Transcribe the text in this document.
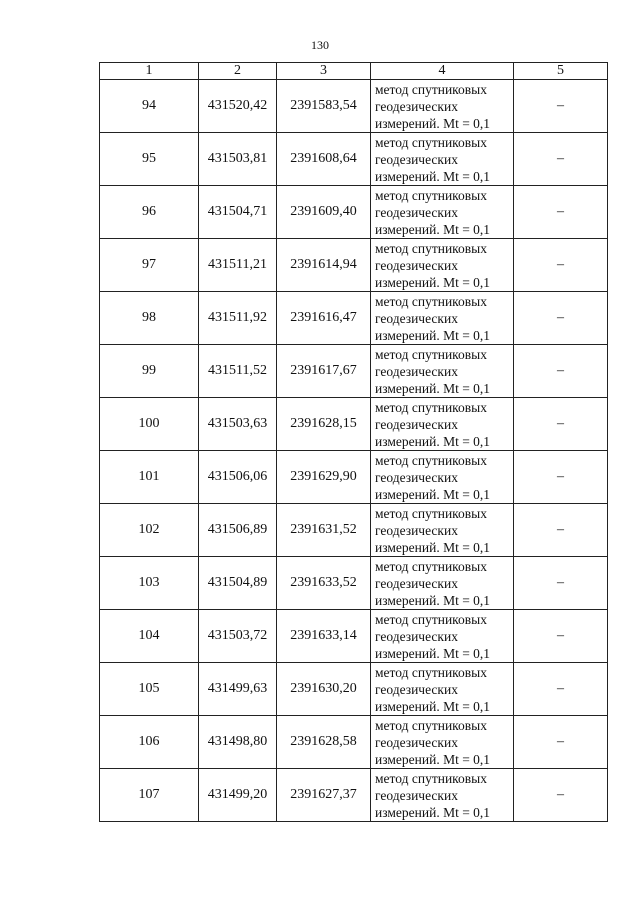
130
1	2	3	4	5
94	431520,42	2391583,54	метод спутниковых
геодезических
измерений. Mt = 0,1	–
95	431503,81	2391608,64	метод спутниковых
геодезических
измерений. Mt = 0,1	–
96	431504,71	2391609,40	метод спутниковых
геодезических
измерений. Mt = 0,1	–
97	431511,21	2391614,94	метод спутниковых
геодезических
измерений. Mt = 0,1	–
98	431511,92	2391616,47	метод спутниковых
геодезических
измерений. Mt = 0,1	–
99	431511,52	2391617,67	метод спутниковых
геодезических
измерений. Mt = 0,1	–
100	431503,63	2391628,15	метод спутниковых
геодезических
измерений. Mt = 0,1	–
101	431506,06	2391629,90	метод спутниковых
геодезических
измерений. Mt = 0,1	–
102	431506,89	2391631,52	метод спутниковых
геодезических
измерений. Mt = 0,1	–
103	431504,89	2391633,52	метод спутниковых
геодезических
измерений. Mt = 0,1	–
104	431503,72	2391633,14	метод спутниковых
геодезических
измерений. Mt = 0,1	–
105	431499,63	2391630,20	метод спутниковых
геодезических
измерений. Mt = 0,1	–
106	431498,80	2391628,58	метод спутниковых
геодезических
измерений. Mt = 0,1	–
107	431499,20	2391627,37	метод спутниковых
геодезических
измерений. Mt = 0,1	–
